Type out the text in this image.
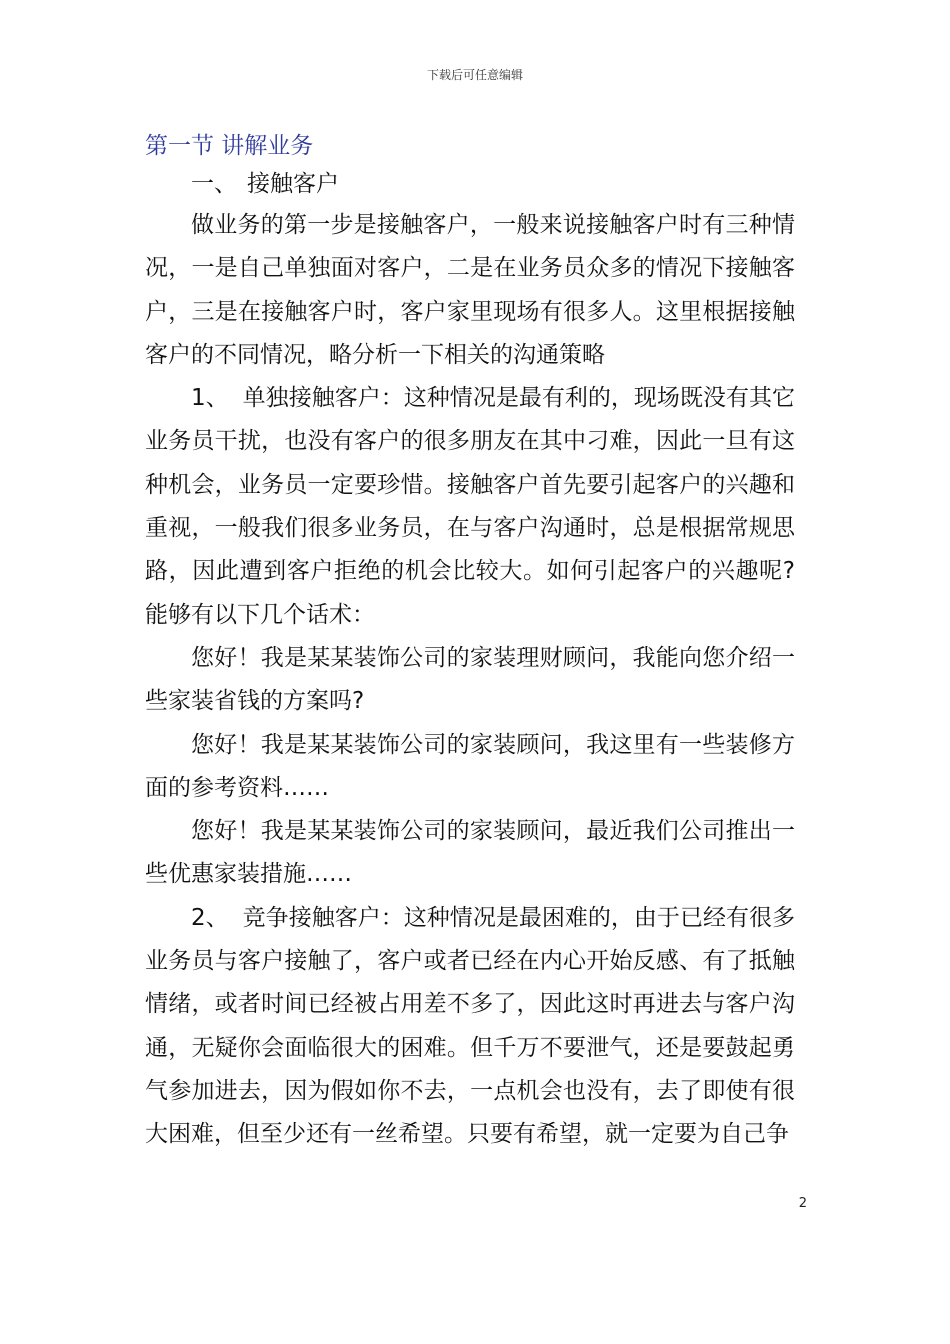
下载后可任意编辑
第一节 讲解业务
一、 接触客户

做业务的第一步是接触客户，一般来说接触客户时有三种情况，一是自己单独面对客户，二是在业务员众多的情况下接触客户，三是在接触客户时，客户家里现场有很多人。这里根据接触客户的不同情况，略分析一下相关的沟通策略

1、 单独接触客户：这种情况是最有利的，现场既没有其它业务员干扰，也没有客户的很多朋友在其中刁难，因此一旦有这种机会，业务员一定要珍惜。接触客户首先要引起客户的兴趣和重视，一般我们很多业务员，在与客户沟通时，总是根据常规思路，因此遭到客户拒绝的机会比较大。如何引起客户的兴趣呢?能够有以下几个话术：

您好！我是某某装饰公司的家装理财顾问，我能向您介绍一些家装省钱的方案吗?

您好！我是某某装饰公司的家装顾问，我这里有一些装修方面的参考资料……

您好！我是某某装饰公司的家装顾问，最近我们公司推出一些优惠家装措施……

2、 竞争接触客户：这种情况是最困难的，由于已经有很多业务员与客户接触了，客户或者已经在内心开始反感、有了抵触情绪，或者时间已经被占用差不多了，因此这时再进去与客户沟通，无疑你会面临很大的困难。但千万不要泄气，还是要鼓起勇气参加进去，因为假如你不去，一点机会也没有，去了即使有很大困难，但至少还有一丝希望。只要有希望，就一定要为自己争

2
